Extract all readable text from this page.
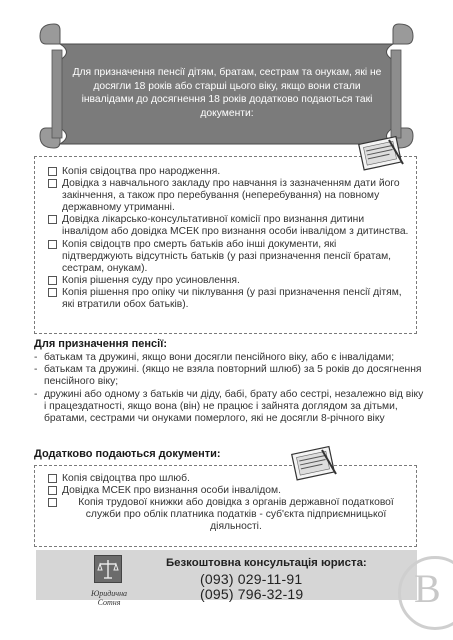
Для призначення пенсії дітям, братам, сестрам та онукам, які не досягли 18 років або старші цього віку, якщо вони стали інвалідами до досягнення 18 років додатково подаються такі документи:
Копія свідоцтва про народження.
Довідка з навчального закладу про навчання із зазначенням дати його закінчення, а також про перебування (неперебування) на повному державному утриманні.
Довідка лікарсько-консультативної комісії про визнання дитини інвалідом або довідка МСЕК про визнання особи інвалідом з дитинства.
Копія свідоцтв про смерть батьків або інші документи, які підтверджують відсутність батьків (у разі призначення пенсії братам, сестрам, онукам).
Копія рішення суду про усиновлення.
Копія рішення про опіку чи піклування (у разі призначення пенсії дітям, які втратили обох батьків).
Для призначення пенсії:
- батькам та дружині, якщо вони досягли пенсійного віку, або є інвалідами;
- батькам та дружині. (якщо не взяла повторний шлюб) за 5 років до досягнення пенсійного віку;
- дружині або одному з батьків чи діду, бабі, брату або сестрі, незалежно від віку і працездатності, якщо вона (він) не працює і зайнята доглядом за дітьми, братами, сестрами чи онуками померлого, які не досягли 8-річного віку
Додатково подаються документи:
Копія свідоцтва про шлюб.
Довідка МСЕК про визнання особи інвалідом.
Копія трудової книжки або довідка з органів державної податкової служби про облік платника податків - суб'єкта підприємницької діяльності.
B
Юридична Сотня
Безкоштовна консультація юриста:
(093) 029-11-91
(095) 796-32-19
